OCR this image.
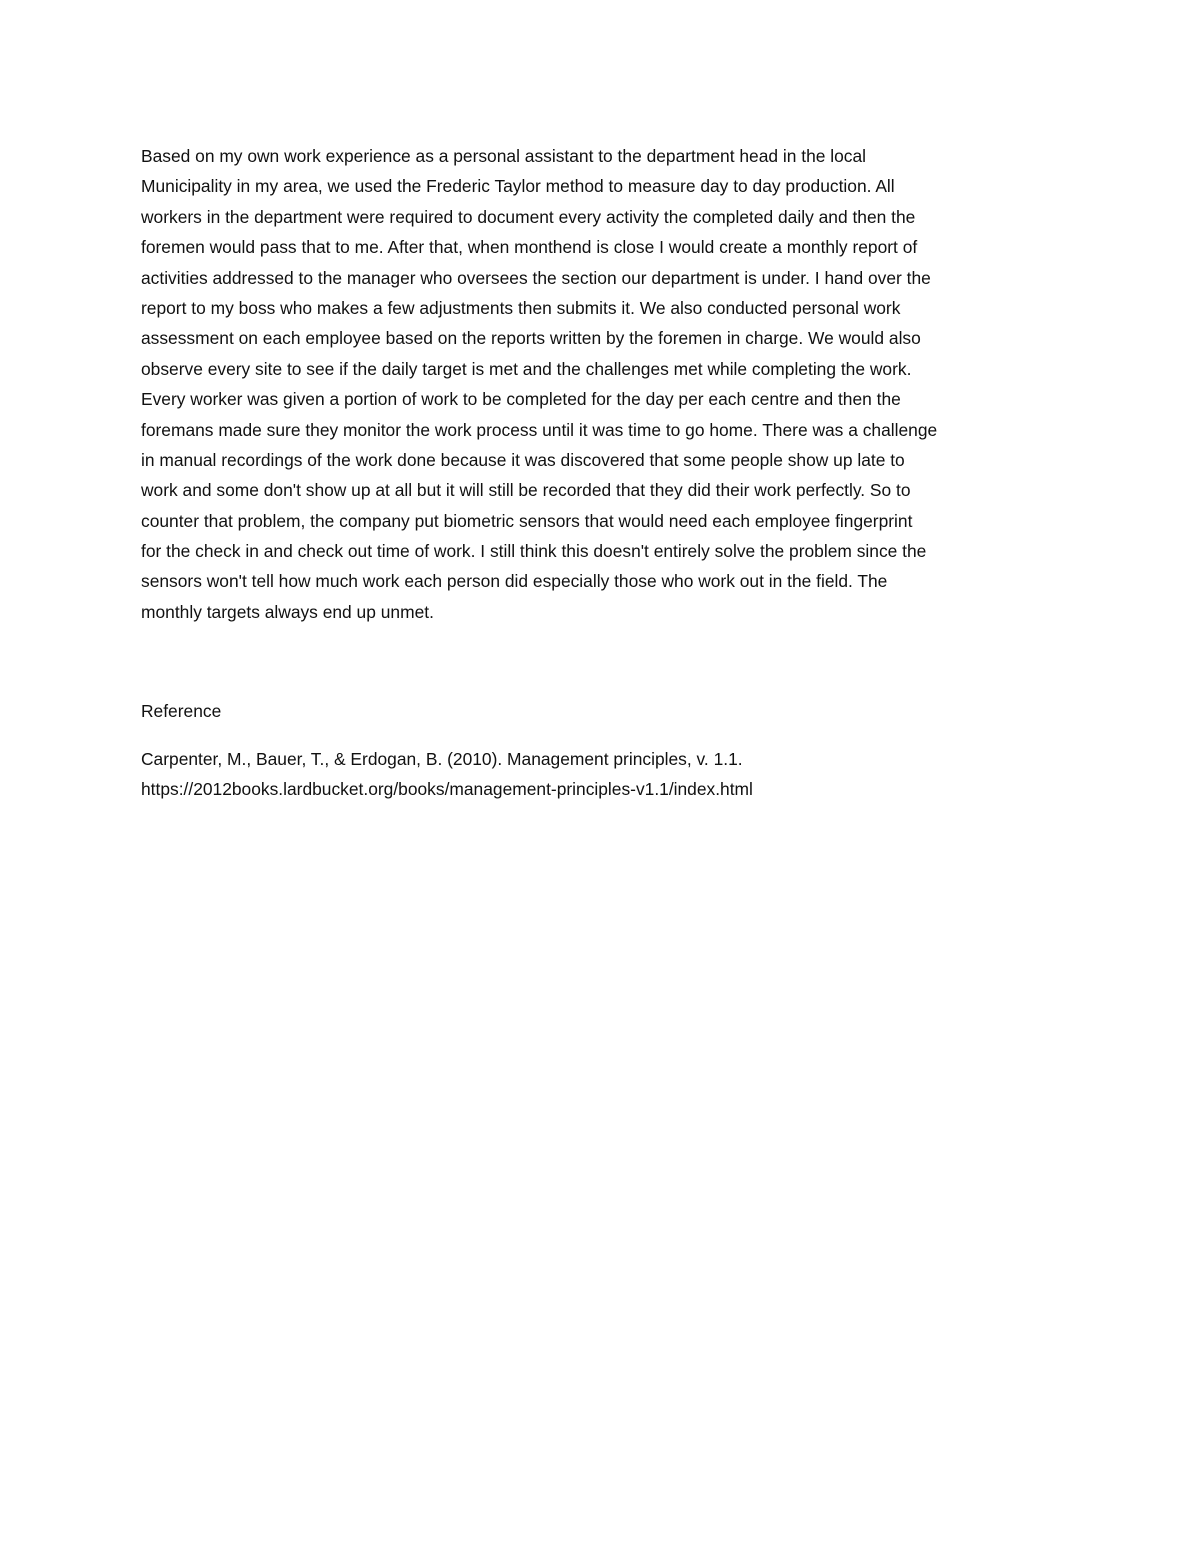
Based on my own work experience as a personal assistant to the department head in the local
Municipality in my area, we used the Frederic Taylor method to measure day to day production. All
workers in the department were required to document every activity the completed daily and then the
foremen would pass that to me. After that, when monthend is close I would create a monthly report of
activities addressed to the manager who oversees the section our department is under. I hand over the
report to my boss who makes a few adjustments then submits it. We also conducted personal work
assessment on each employee based on the reports written by the foremen in charge. We would also
observe every site to see if the daily target is met and the challenges met while completing the work.
Every worker was given a portion of work to be completed for the day per each centre and then the
foremans made sure they monitor the work process until it was time to go home. There was a challenge
in manual recordings of the work done because it was discovered that some people show up late to
work and some don't show up at all but it will still be recorded that they did their work perfectly. So to
counter that problem, the company put biometric sensors that would need each employee fingerprint
for the check in and check out time of work. I still think this doesn't entirely solve the problem since the
sensors won't tell how much work each person did especially those who work out in the field. The
monthly targets always end up unmet.

Reference
Carpenter, M., Bauer, T., & Erdogan, B. (2010). Management principles, v. 1.1.
https://2012books.lardbucket.org/books/management-principles-v1.1/index.html
